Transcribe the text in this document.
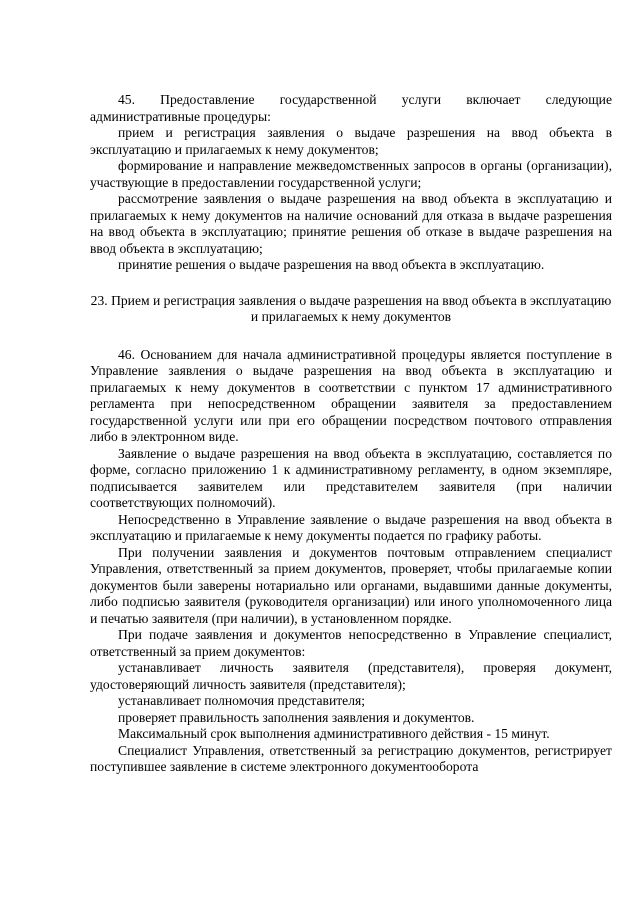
45. Предоставление государственной услуги включает следующие административные процедуры:

прием и регистрация заявления о выдаче разрешения на ввод объекта в эксплуатацию и прилагаемых к нему документов;

формирование и направление межведомственных запросов в органы (организации), участвующие в предоставлении государственной услуги;

рассмотрение заявления о выдаче разрешения на ввод объекта в эксплуатацию и прилагаемых к нему документов на наличие оснований для отказа в выдаче разрешения на ввод объекта в эксплуатацию; принятие решения об отказе в выдаче разрешения на ввод объекта в эксплуатацию;

принятие решения о выдаче разрешения на ввод объекта в эксплуатацию.

23. Прием и регистрация заявления о выдаче разрешения на ввод объекта в эксплуатацию и прилагаемых к нему документов

46. Основанием для начала административной процедуры является поступление в Управление заявления о выдаче разрешения на ввод объекта в эксплуатацию и прилагаемых к нему документов в соответствии с пунктом 17 административного регламента при непосредственном обращении заявителя за предоставлением государственной услуги или при его обращении посредством почтового отправления либо в электронном виде.

Заявление о выдаче разрешения на ввод объекта в эксплуатацию, составляется по форме, согласно приложению 1 к административному регламенту, в одном экземпляре, подписывается заявителем или представителем заявителя (при наличии соответствующих полномочий).

Непосредственно в Управление заявление о выдаче разрешения на ввод объекта в эксплуатацию и прилагаемые к нему документы подается по графику работы.

При получении заявления и документов почтовым отправлением специалист Управления, ответственный за прием документов, проверяет, чтобы прилагаемые копии документов были заверены нотариально или органами, выдавшими данные документы, либо подписью заявителя (руководителя организации) или иного уполномоченного лица и печатью заявителя (при наличии), в установленном порядке.

При подаче заявления и документов непосредственно в Управление специалист, ответственный за прием документов:

устанавливает личность заявителя (представителя), проверяя документ, удостоверяющий личность заявителя (представителя);

устанавливает полномочия представителя;

проверяет правильность заполнения заявления и документов.

Максимальный срок выполнения административного действия - 15 минут.

Специалист Управления, ответственный за регистрацию документов, регистрирует поступившее заявление в системе электронного документооборота
